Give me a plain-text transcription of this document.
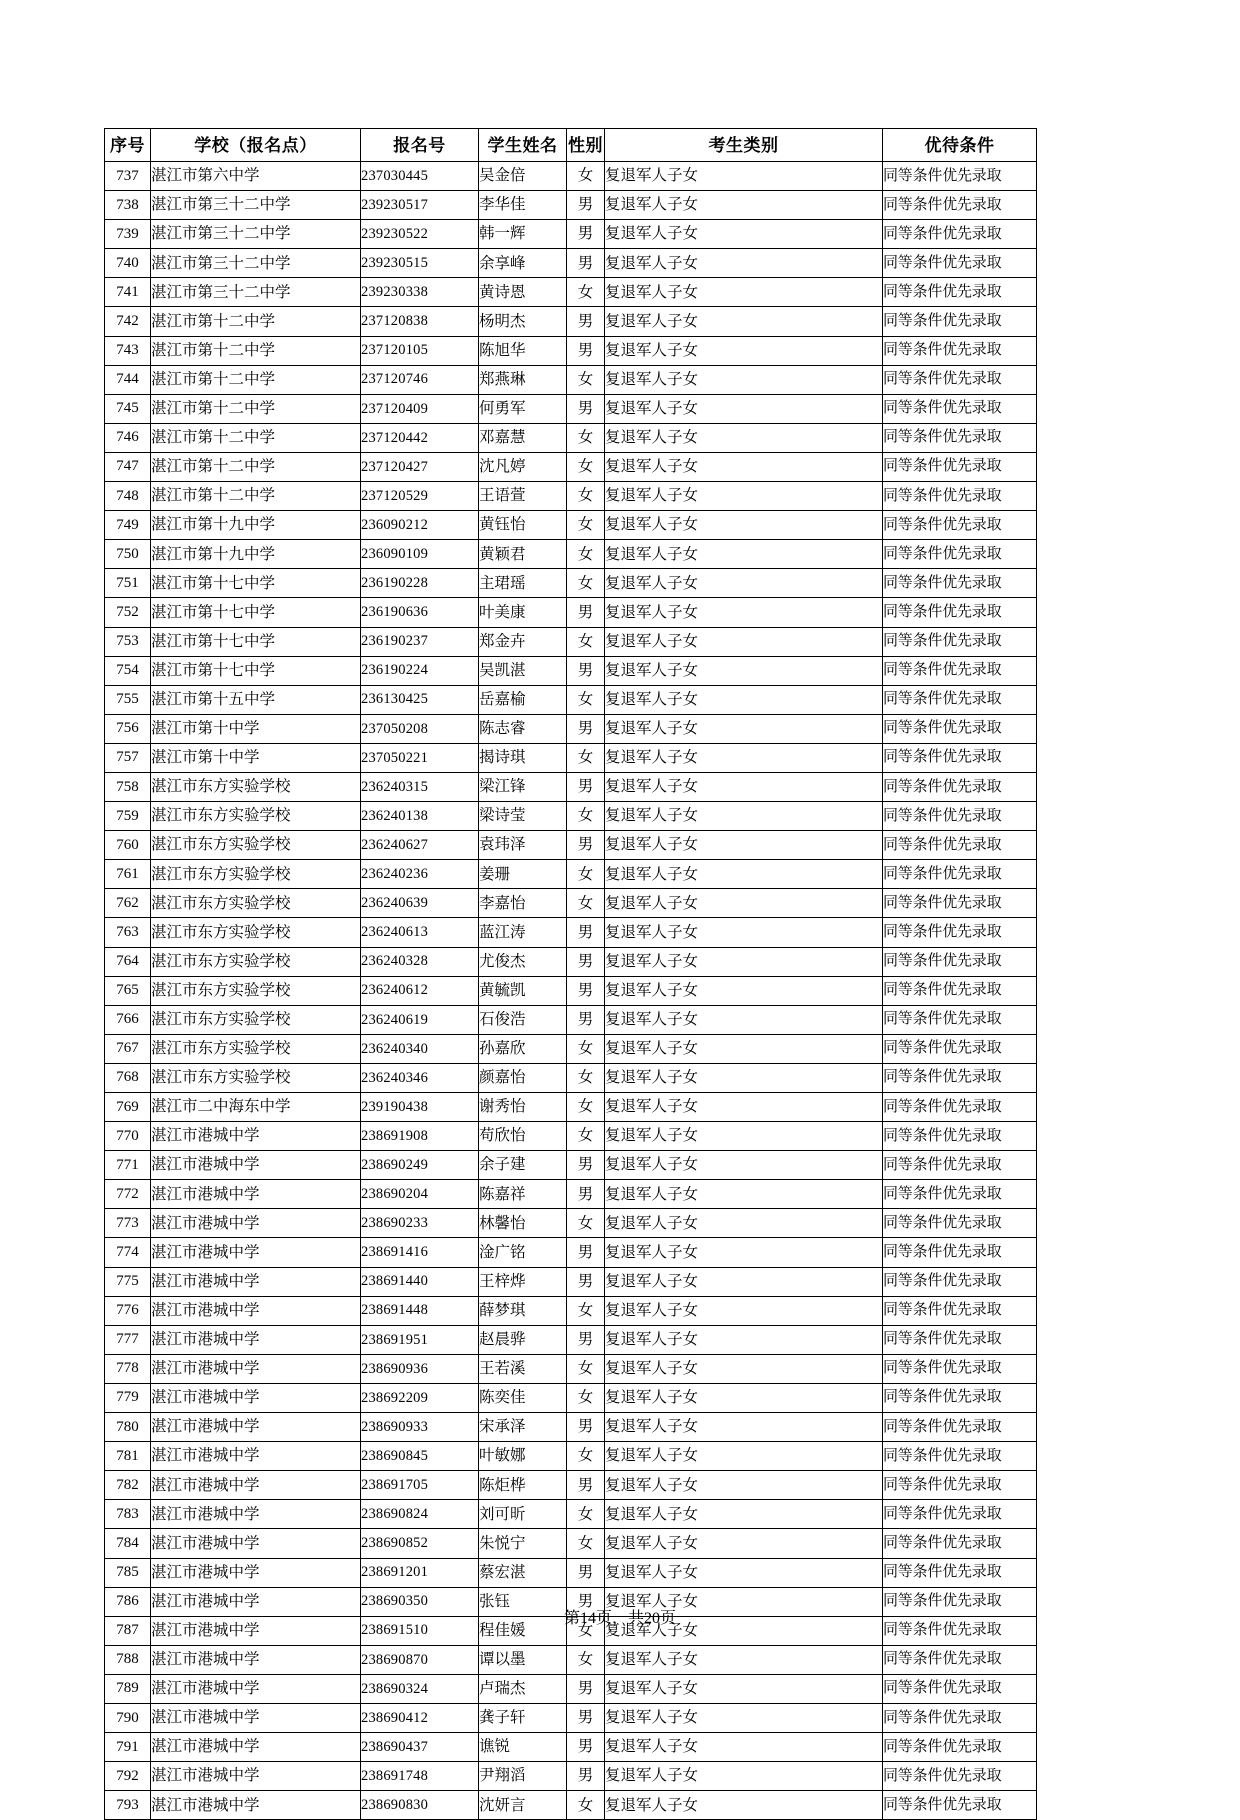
序号	学校（报名点）	报名号	学生姓名	性别	考生类别	优待条件
737	湛江市第六中学	237030445	吴金倍	女	复退军人子女	同等条件优先录取
738	湛江市第三十二中学	239230517	李华佳	男	复退军人子女	同等条件优先录取
739	湛江市第三十二中学	239230522	韩一辉	男	复退军人子女	同等条件优先录取
740	湛江市第三十二中学	239230515	余享峰	男	复退军人子女	同等条件优先录取
741	湛江市第三十二中学	239230338	黄诗恩	女	复退军人子女	同等条件优先录取
742	湛江市第十二中学	237120838	杨明杰	男	复退军人子女	同等条件优先录取
743	湛江市第十二中学	237120105	陈旭华	男	复退军人子女	同等条件优先录取
744	湛江市第十二中学	237120746	郑燕琳	女	复退军人子女	同等条件优先录取
745	湛江市第十二中学	237120409	何勇军	男	复退军人子女	同等条件优先录取
746	湛江市第十二中学	237120442	邓嘉慧	女	复退军人子女	同等条件优先录取
747	湛江市第十二中学	237120427	沈凡婷	女	复退军人子女	同等条件优先录取
748	湛江市第十二中学	237120529	王语萱	女	复退军人子女	同等条件优先录取
749	湛江市第十九中学	236090212	黄钰怡	女	复退军人子女	同等条件优先录取
750	湛江市第十九中学	236090109	黄颖君	女	复退军人子女	同等条件优先录取
751	湛江市第十七中学	236190228	主珺瑶	女	复退军人子女	同等条件优先录取
752	湛江市第十七中学	236190636	叶美康	男	复退军人子女	同等条件优先录取
753	湛江市第十七中学	236190237	郑金卉	女	复退军人子女	同等条件优先录取
754	湛江市第十七中学	236190224	吴凯湛	男	复退军人子女	同等条件优先录取
755	湛江市第十五中学	236130425	岳嘉榆	女	复退军人子女	同等条件优先录取
756	湛江市第十中学	237050208	陈志睿	男	复退军人子女	同等条件优先录取
757	湛江市第十中学	237050221	揭诗琪	女	复退军人子女	同等条件优先录取
758	湛江市东方实验学校	236240315	梁江锋	男	复退军人子女	同等条件优先录取
759	湛江市东方实验学校	236240138	梁诗莹	女	复退军人子女	同等条件优先录取
760	湛江市东方实验学校	236240627	袁玮泽	男	复退军人子女	同等条件优先录取
761	湛江市东方实验学校	236240236	姜珊	女	复退军人子女	同等条件优先录取
762	湛江市东方实验学校	236240639	李嘉怡	女	复退军人子女	同等条件优先录取
763	湛江市东方实验学校	236240613	蓝江涛	男	复退军人子女	同等条件优先录取
764	湛江市东方实验学校	236240328	尤俊杰	男	复退军人子女	同等条件优先录取
765	湛江市东方实验学校	236240612	黄毓凯	男	复退军人子女	同等条件优先录取
766	湛江市东方实验学校	236240619	石俊浩	男	复退军人子女	同等条件优先录取
767	湛江市东方实验学校	236240340	孙嘉欣	女	复退军人子女	同等条件优先录取
768	湛江市东方实验学校	236240346	颜嘉怡	女	复退军人子女	同等条件优先录取
769	湛江市二中海东中学	239190438	谢秀怡	女	复退军人子女	同等条件优先录取
770	湛江市港城中学	238691908	苟欣怡	女	复退军人子女	同等条件优先录取
771	湛江市港城中学	238690249	余子建	男	复退军人子女	同等条件优先录取
772	湛江市港城中学	238690204	陈嘉祥	男	复退军人子女	同等条件优先录取
773	湛江市港城中学	238690233	林馨怡	女	复退军人子女	同等条件优先录取
774	湛江市港城中学	238691416	淦广铭	男	复退军人子女	同等条件优先录取
775	湛江市港城中学	238691440	王梓烨	男	复退军人子女	同等条件优先录取
776	湛江市港城中学	238691448	薛梦琪	女	复退军人子女	同等条件优先录取
777	湛江市港城中学	238691951	赵晨骅	男	复退军人子女	同等条件优先录取
778	湛江市港城中学	238690936	王若溪	女	复退军人子女	同等条件优先录取
779	湛江市港城中学	238692209	陈奕佳	女	复退军人子女	同等条件优先录取
780	湛江市港城中学	238690933	宋承泽	男	复退军人子女	同等条件优先录取
781	湛江市港城中学	238690845	叶敏娜	女	复退军人子女	同等条件优先录取
782	湛江市港城中学	238691705	陈炬桦	男	复退军人子女	同等条件优先录取
783	湛江市港城中学	238690824	刘可昕	女	复退军人子女	同等条件优先录取
784	湛江市港城中学	238690852	朱悦宁	女	复退军人子女	同等条件优先录取
785	湛江市港城中学	238691201	蔡宏湛	男	复退军人子女	同等条件优先录取
786	湛江市港城中学	238690350	张钰	男	复退军人子女	同等条件优先录取
787	湛江市港城中学	238691510	程佳媛	女	复退军人子女	同等条件优先录取
788	湛江市港城中学	238690870	谭以墨	女	复退军人子女	同等条件优先录取
789	湛江市港城中学	238690324	卢瑞杰	男	复退军人子女	同等条件优先录取
790	湛江市港城中学	238690412	龚子轩	男	复退军人子女	同等条件优先录取
791	湛江市港城中学	238690437	谯锐	男	复退军人子女	同等条件优先录取
792	湛江市港城中学	238691748	尹翔滔	男	复退军人子女	同等条件优先录取
793	湛江市港城中学	238690830	沈妍言	女	复退军人子女	同等条件优先录取
第14页，共20页
